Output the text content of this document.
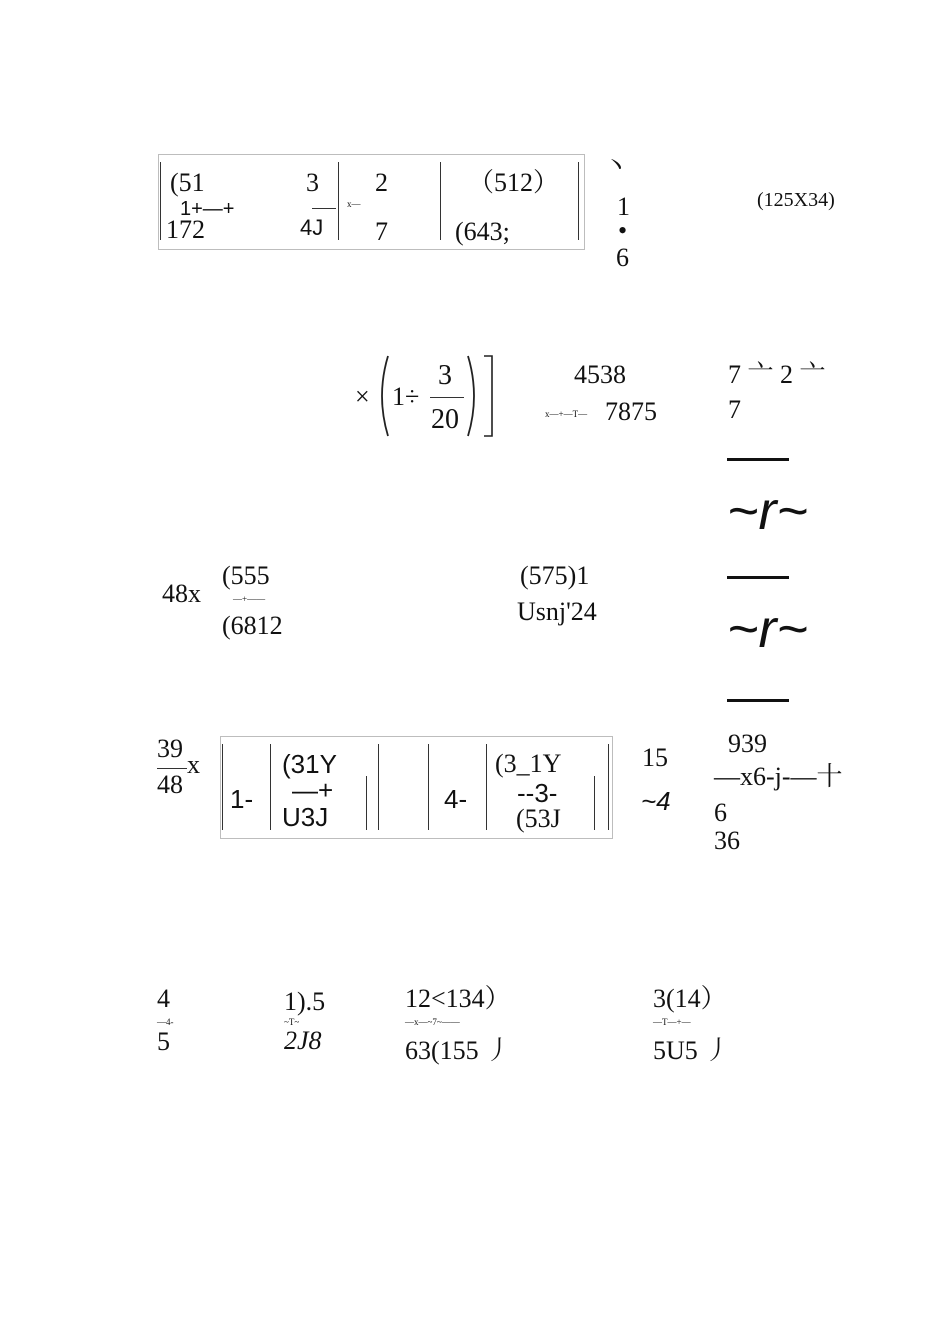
(51
1+—+
172
3
4J
x—
2
7
（512）
(643;
丶
1
•
6
(125X34)
× 1÷
3
20
4538
x—+—T— 7875
7 亠 2 亠
7
~r~
~r~
48x
(555
—+——
(6812
(575)1
Usnj'24
39
x
48 1-
(31Y
—+
U3J
4-
(3_1Y
--3-
(53J
15
~4
939
—x6-j-—十
6
36
4
—4-
5
1).5
~T~
2J8
12<134）
—x—~7~——
63(155 丿
3(14）
—T—+—
5U5 丿
